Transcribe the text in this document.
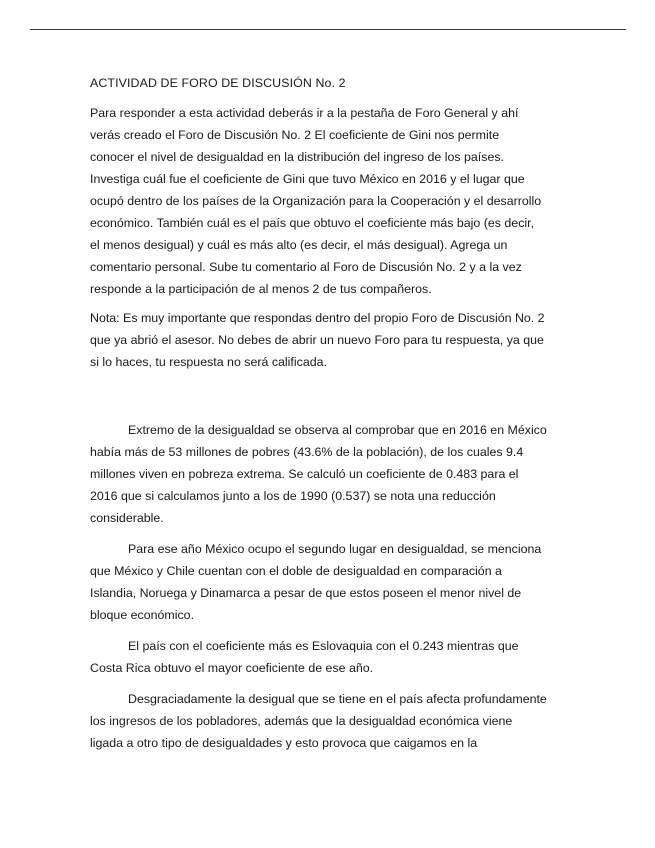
ACTIVIDAD DE FORO DE DISCUSIÓN No. 2

Para responder a esta actividad deberás ir a la pestaña de Foro General y ahí
verás creado el Foro de Discusión No. 2 El coeficiente de Gini nos permite
conocer el nivel de desigualdad en la distribución del ingreso de los países.
Investiga cuál fue el coeficiente de Gini que tuvo México en 2016 y el lugar que
ocupó dentro de los países de la Organización para la Cooperación y el desarrollo
económico. También cuál es el país que obtuvo el coeficiente más bajo (es decir,
el menos desigual) y cuál es más alto (es decir, el más desigual). Agrega un
comentario personal. Sube tu comentario al Foro de Discusión No. 2 y a la vez
responde a la participación de al menos 2 de tus compañeros.

Nota: Es muy importante que respondas dentro del propio Foro de Discusión No. 2
que ya abrió el asesor. No debes de abrir un nuevo Foro para tu respuesta, ya que
si lo haces, tu respuesta no será calificada.

Extremo de la desigualdad se observa al comprobar que en 2016 en México
había más de 53 millones de pobres (43.6% de la población), de los cuales 9.4
millones viven en pobreza extrema. Se calculó un coeficiente de 0.483 para el
2016 que si calculamos junto a los de 1990 (0.537) se nota una reducción
considerable.

Para ese año México ocupo el segundo lugar en desigualdad, se menciona
que México y Chile cuentan con el doble de desigualdad en comparación a
Islandia, Noruega y Dinamarca a pesar de que estos poseen el menor nivel de
bloque económico.

El país con el coeficiente más es Eslovaquia con el 0.243 mientras que
Costa Rica obtuvo el mayor coeficiente de ese año.

Desgraciadamente la desigual que se tiene en el país afecta profundamente
los ingresos de los pobladores, además que la desigualdad económica viene
ligada a otro tipo de desigualdades y esto provoca que caigamos en la
